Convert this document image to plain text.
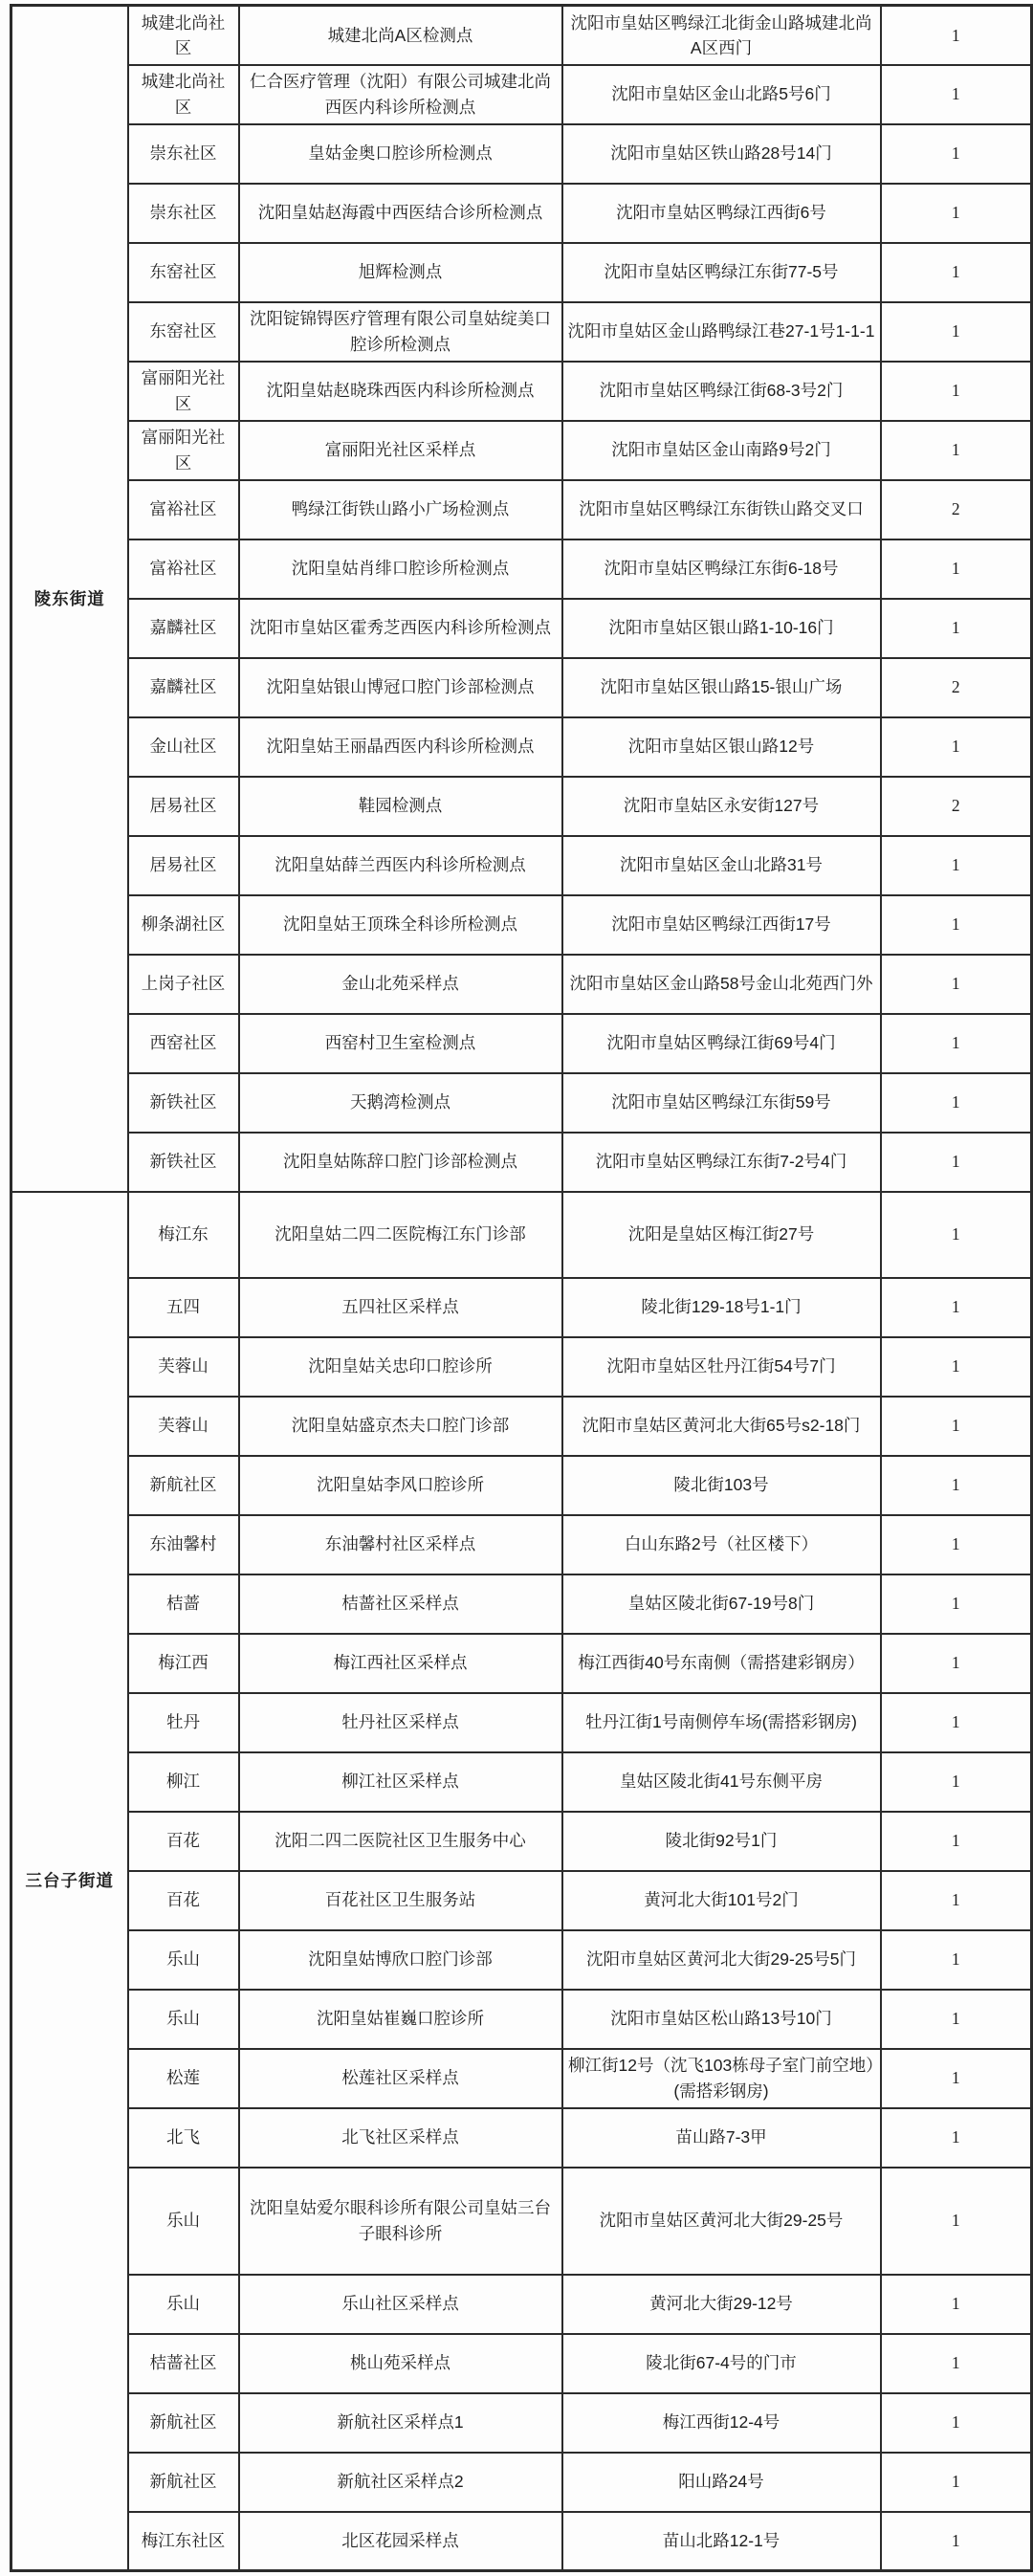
陵东街道	城建北尚社区	城建北尚A区检测点	沈阳市皇姑区鸭绿江北街金山路城建北尚A区西门	1
	城建北尚社区	仁合医疗管理（沈阳）有限公司城建北尚西医内科诊所检测点	沈阳市皇姑区金山北路5号6门	1
	崇东社区	皇姑金奥口腔诊所检测点	沈阳市皇姑区铁山路28号14门	1
	崇东社区	沈阳皇姑赵海霞中西医结合诊所检测点	沈阳市皇姑区鸭绿江西街6号	1
	东窑社区	旭辉检测点	沈阳市皇姑区鸭绿江东街77-5号	1
	东窑社区	沈阳锭锦锝医疗管理有限公司皇姑绽美口腔诊所检测点	沈阳市皇姑区金山路鸭绿江巷27-1号1-1-1	1
	富丽阳光社区	沈阳皇姑赵晓珠西医内科诊所检测点	沈阳市皇姑区鸭绿江街68-3号2门	1
	富丽阳光社区	富丽阳光社区采样点	沈阳市皇姑区金山南路9号2门	1
	富裕社区	鸭绿江街铁山路小广场检测点	沈阳市皇姑区鸭绿江东街铁山路交叉口	2
	富裕社区	沈阳皇姑肖绯口腔诊所检测点	沈阳市皇姑区鸭绿江东街6-18号	1
	嘉麟社区	沈阳市皇姑区霍秀芝西医内科诊所检测点	沈阳市皇姑区银山路1-10-16门	1
	嘉麟社区	沈阳皇姑银山博冠口腔门诊部检测点	沈阳市皇姑区银山路15-银山广场	2
	金山社区	沈阳皇姑王丽晶西医内科诊所检测点	沈阳市皇姑区银山路12号	1
	居易社区	鞋园检测点	沈阳市皇姑区永安街127号	2
	居易社区	沈阳皇姑薛兰西医内科诊所检测点	沈阳市皇姑区金山北路31号	1
	柳条湖社区	沈阳皇姑王顶珠全科诊所检测点	沈阳市皇姑区鸭绿江西街17号	1
	上岗子社区	金山北苑采样点	沈阳市皇姑区金山路58号金山北苑西门外	1
	西窑社区	西窑村卫生室检测点	沈阳市皇姑区鸭绿江街69号4门	1
	新铁社区	天鹅湾检测点	沈阳市皇姑区鸭绿江东街59号	1
	新铁社区	沈阳皇姑陈辞口腔门诊部检测点	沈阳市皇姑区鸭绿江东街7-2号4门	1
三台子街道	梅江东	沈阳皇姑二四二医院梅江东门诊部	沈阳是皇姑区梅江街27号	1
	五四	五四社区采样点	陵北街129-18号1-1门	1
	芙蓉山	沈阳皇姑关忠印口腔诊所	沈阳市皇姑区牡丹江街54号7门	1
	芙蓉山	沈阳皇姑盛京杰夫口腔门诊部	沈阳市皇姑区黄河北大街65号s2-18门	1
	新航社区	沈阳皇姑李风口腔诊所	陵北街103号	1
	东油馨村	东油馨村社区采样点	白山东路2号（社区楼下）	1
	桔蔷	桔蔷社区采样点	皇姑区陵北街67-19号8门	1
	梅江西	梅江西社区采样点	梅江西街40号东南侧（需搭建彩钢房）	1
	牡丹	牡丹社区采样点	牡丹江街1号南侧停车场(需搭彩钢房)	1
	柳江	柳江社区采样点	皇姑区陵北街41号东侧平房	1
	百花	沈阳二四二医院社区卫生服务中心	陵北街92号1门	1
	百花	百花社区卫生服务站	黄河北大街101号2门	1
	乐山	沈阳皇姑博欣口腔门诊部	沈阳市皇姑区黄河北大街29-25号5门	1
	乐山	沈阳皇姑崔巍口腔诊所	沈阳市皇姑区松山路13号10门	1
	松莲	松莲社区采样点	柳江街12号（沈飞103栋母子室门前空地）(需搭彩钢房)	1
	北飞	北飞社区采样点	苗山路7-3甲	1
	乐山	沈阳皇姑爱尔眼科诊所有限公司皇姑三台子眼科诊所	沈阳市皇姑区黄河北大街29-25号	1
	乐山	乐山社区采样点	黄河北大街29-12号	1
	桔蔷社区	桃山苑采样点	陵北街67-4号的门市	1
	新航社区	新航社区采样点1	梅江西街12-4号	1
	新航社区	新航社区采样点2	阳山路24号	1
	梅江东社区	北区花园采样点	苗山北路12-1号	1
